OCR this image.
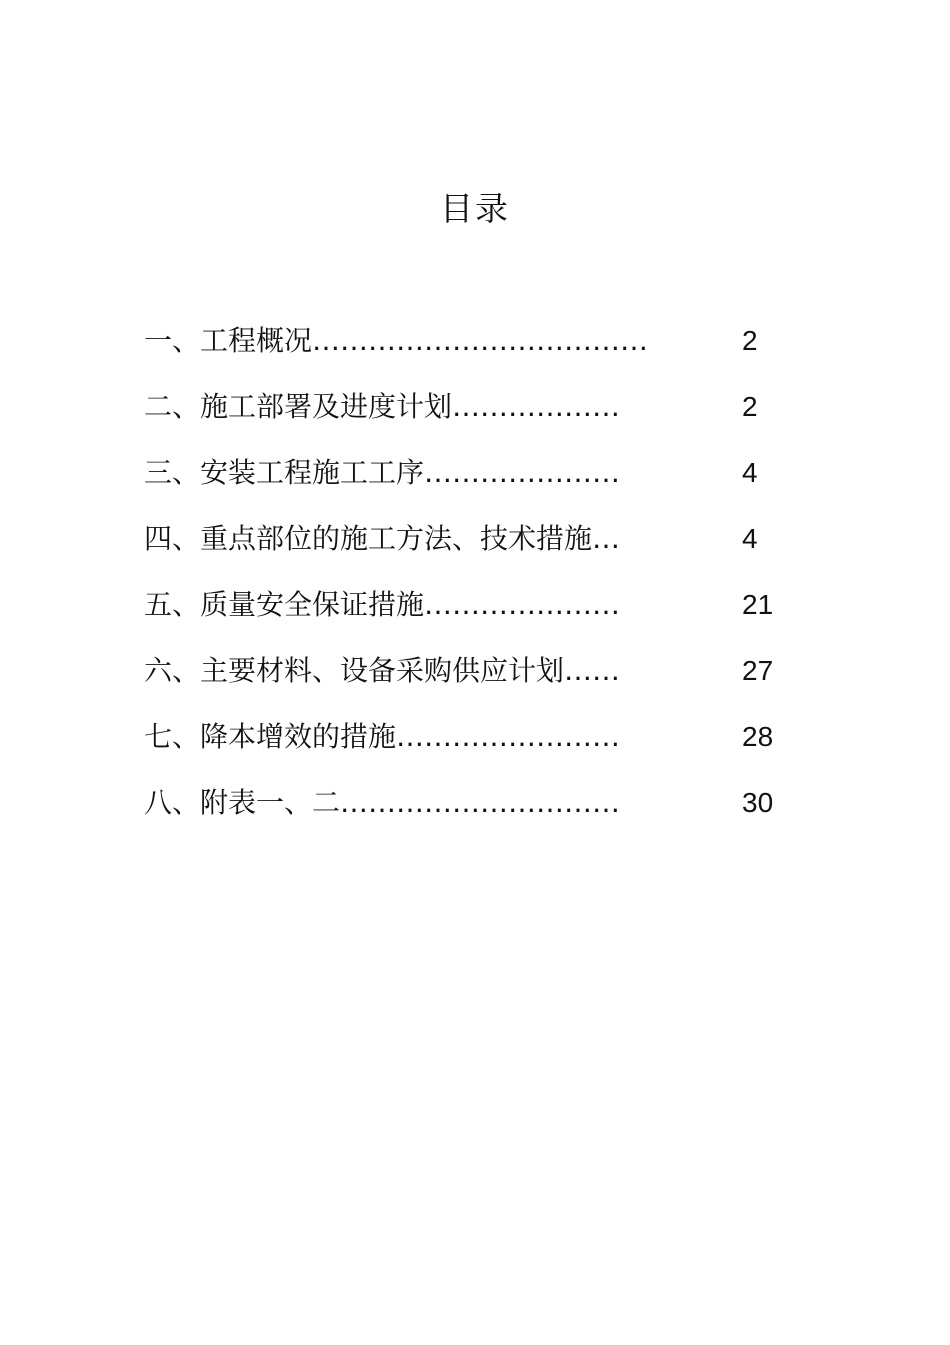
目录
一、工程概况………………………………	2
二、施工部署及进度计划………………	2
三、安装工程施工工序…………………	4
四、重点部位的施工方法、技术措施…	4
五、质量安全保证措施…………………	21
六、主要材料、设备采购供应计划……	27
七、降本增效的措施……………………	28
八、附表一、二…………………………	30
